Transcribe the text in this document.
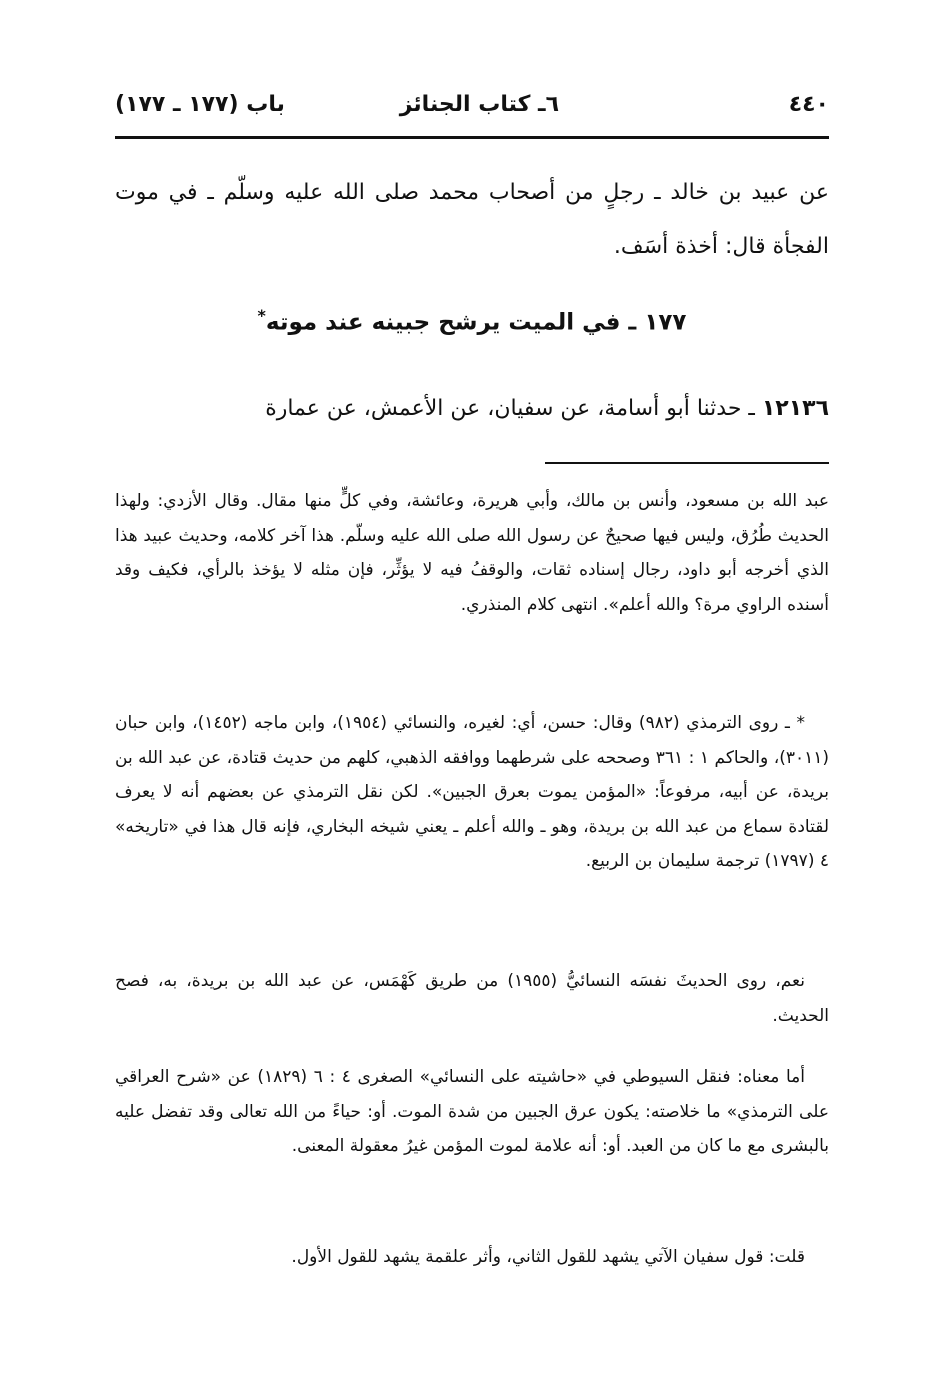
٤٤٠
٦ـ كتاب الجنائز
باب (١٧٧ ـ ١٧٧)
عن عبيد بن خالد ـ رجلٍ من أصحاب محمد صلى الله عليه وسلّم ـ في موت الفجأة قال: أخذة أسَف.
١٧٧ ـ في الميت يرشح جبينه عند موته*
١٢١٣٦ ـ حدثنا أبو أسامة، عن سفيان، عن الأعمش، عن عمارة
عبد الله بن مسعود، وأنس بن مالك، وأبي هريرة، وعائشة، وفي كلٍّ منها مقال. وقال الأزدي: ولهذا الحديث طُرُق، وليس فيها صحيحٌ عن رسول الله صلى الله عليه وسلّم. هذا آخر كلامه، وحديث عبيد هذا الذي أخرجه أبو داود، رجال إسناده ثقات، والوقفُ فيه لا يؤثِّر، فإن مثله لا يؤخذ بالرأي، فكيف وقد أسنده الراوي مرة؟ والله أعلم». انتهى كلام المنذري.
* ـ روى الترمذي (٩٨٢) وقال: حسن، أي: لغيره، والنسائي (١٩٥٤)، وابن ماجه (١٤٥٢)، وابن حبان (٣٠١١)، والحاكم ١ : ٣٦١ وصححه على شرطهما ووافقه الذهبي، كلهم من حديث قتادة، عن عبد الله بن بريدة، عن أبيه، مرفوعاً: «المؤمن يموت بعرق الجبين». لكن نقل الترمذي عن بعضهم أنه لا يعرف لقتادة سماع من عبد الله بن بريدة، وهو ـ والله أعلم ـ يعني شيخه البخاري، فإنه قال هذا في «تاريخه» ٤ (١٧٩٧) ترجمة سليمان بن الربيع.
نعم، روى الحديثَ نفسَه النسائيُّ (١٩٥٥) من طريق كَهْمَس، عن عبد الله بن بريدة، به، فصح الحديث.
أما معناه: فنقل السيوطي في «حاشيته على النسائي» الصغرى ٤ : ٦ (١٨٢٩) عن «شرح العراقي على الترمذي» ما خلاصته: يكون عرق الجبين من شدة الموت. أو: حياءً من الله تعالى وقد تفضل عليه بالبشرى مع ما كان من العبد. أو: أنه علامة لموت المؤمن غيرُ معقولة المعنى.
قلت: قول سفيان الآتي يشهد للقول الثاني، وأثر علقمة يشهد للقول الأول.
